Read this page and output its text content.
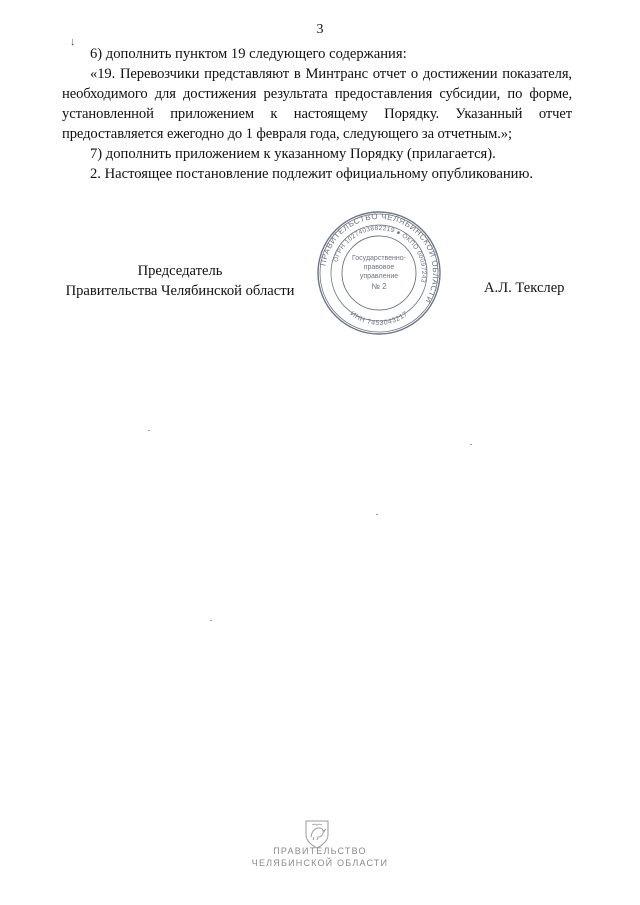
3
↓

6) дополнить пунктом 19 следующего содержания:

«19. Перевозчики представляют в Минтранс отчет о достижении показателя, необходимого для достижения результата предоставления субсидии, по форме, установленной приложением к настоящему Порядку. Указанный отчет предоставляется ежегодно до 1 февраля года, следующего за отчетным.»;

7) дополнить приложением к указанному Порядку (прилагается).

2. Настоящее постановление подлежит официальному опубликованию.

Председатель
Правительства Челябинской области	А.Л. Текслер
ПРАВИТЕЛЬСТВО ЧЕЛЯБИНСКОЙ ОБЛАСТИ
ОГРН 1027403882219 ● ОКПО 00097243
ИНН 7453043217
Государственно-
правовое
управление
№ 2
ПРАВИТЕЛЬСТВО
ЧЕЛЯБИНСКОЙ ОБЛАСТИ
